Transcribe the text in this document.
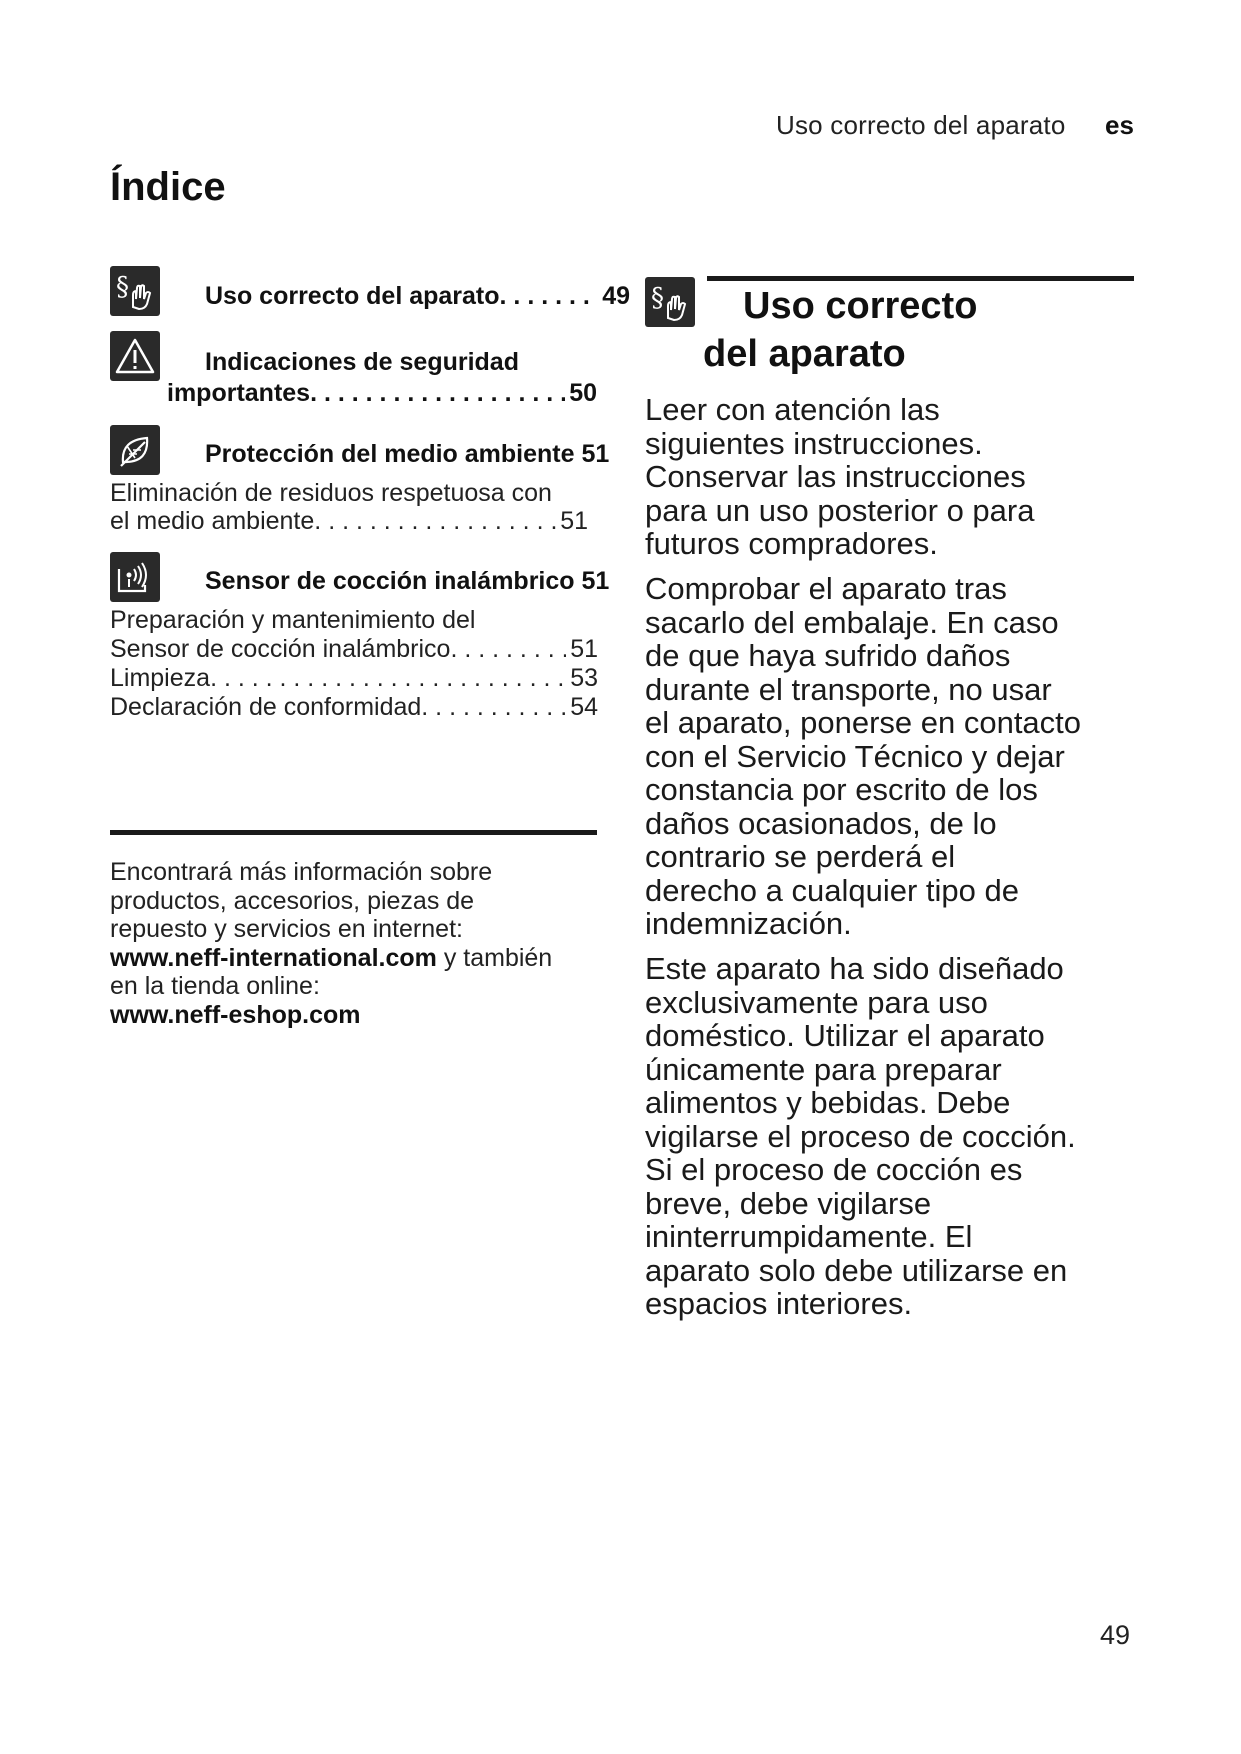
Uso correcto del aparato es
Índice
§	Uso correcto del aparato . . .	49
Indicaciones de seguridad
importantes . . .	50
Protección del medio ambiente 51
Eliminación de residuos respetuosa con
el medio ambiente . . .	51
Sensor de cocción inalámbrico 51
Preparación y mantenimiento del
Sensor de cocción inalámbrico . . .	51
Limpieza . . .	53
Declaración de conformidad . . .	54
Encontrará más información sobre
productos, accesorios, piezas de
repuesto y servicios en internet:
www.neff-international.com y también
en la tienda online:
www.neff-eshop.com
§	Uso correcto
del aparato
Leer con atención las
siguientes instrucciones.
Conservar las instrucciones
para un uso posterior o para
futuros compradores.
Comprobar el aparato tras
sacarlo del embalaje. En caso
de que haya sufrido daños
durante el transporte, no usar
el aparato, ponerse en contacto
con el Servicio Técnico y dejar
constancia por escrito de los
daños ocasionados, de lo
contrario se perderá el
derecho a cualquier tipo de
indemnización.
Este aparato ha sido diseñado
exclusivamente para uso
doméstico. Utilizar el aparato
únicamente para preparar
alimentos y bebidas. Debe
vigilarse el proceso de cocción.
Si el proceso de cocción es
breve, debe vigilarse
ininterrumpidamente. El
aparato solo debe utilizarse en
espacios interiores.
49
